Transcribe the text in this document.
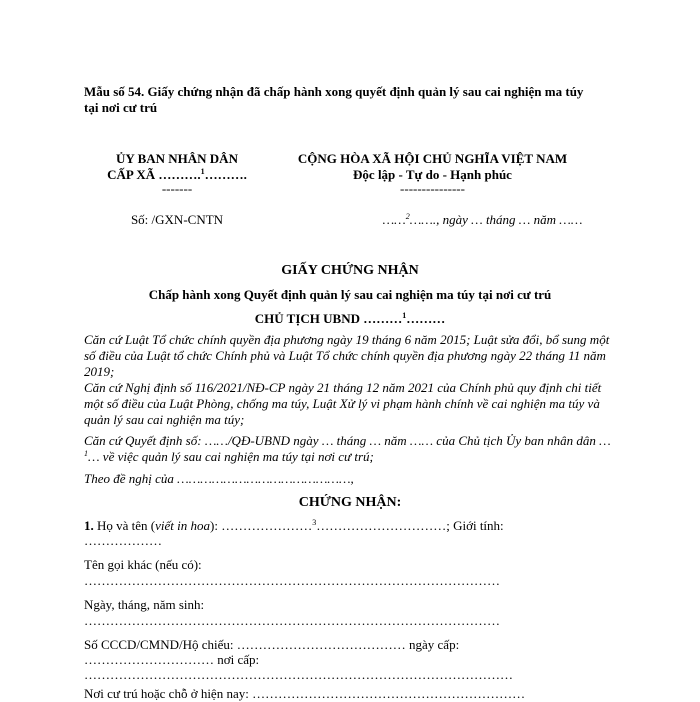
Mẫu số 54. Giấy chứng nhận đã chấp hành xong quyết định quản lý sau cai nghiện ma túy
tại nơi cư trú
ỦY BAN NHÂN DÂN
CẤP XÃ ……….$^1$……….
-------
Số: /GXN-CNTN
CỘNG HÒA XÃ HỘI CHỦ NGHĨA VIỆT NAM
Độc lập - Tự do - Hạnh phúc
---------------
……$^2$……., ngày … tháng … năm ……
GIẤY CHỨNG NHẬN
Chấp hành xong Quyết định quản lý sau cai nghiện ma túy tại nơi cư trú
CHỦ TỊCH UBND ………$^1$………
Căn cứ Luật Tổ chức chính quyền địa phương ngày 19 tháng 6 năm 2015; Luật sửa đổi, bổ sung một số điều của Luật tổ chức Chính phủ và Luật Tổ chức chính quyền địa phương ngày 22 tháng 11 năm 2019;
Căn cứ Nghị định số 116/2021/NĐ-CP ngày 21 tháng 12 năm 2021 của Chính phủ quy định chi tiết một số điều của Luật Phòng, chống ma túy, Luật Xử lý vi phạm hành chính về cai nghiện ma túy và quản lý sau cai nghiện ma túy;
Căn cứ Quyết định số: ……/QĐ-UBND ngày … tháng … năm …… của Chủ tịch Ủy ban nhân dân …$^1$… về việc quản lý sau cai nghiện ma túy tại nơi cư trú;
Theo đề nghị của ………………………………………,
CHỨNG NHẬN:
1. Họ và tên (viết in hoa): …………………$^3$…………………………; Giới tính:
………………
Tên gọi khác (nếu có):
……………………………………………………………………………………
Ngày, tháng, năm sinh:
……………………………………………………………………………………
Số CCCD/CMND/Hộ chiếu: ………………………………… ngày cấp:
………………………… nơi cấp:
………………………………………………………………………………………
Nơi cư trú hoặc chỗ ở hiện nay: ………………………………………………………
